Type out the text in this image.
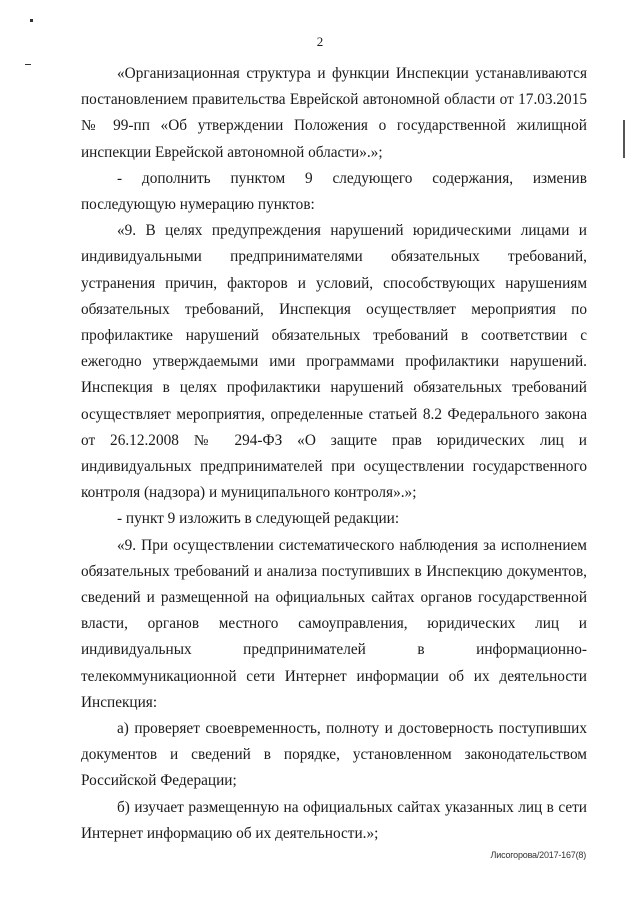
2

«Организационная структура и функции Инспекции устанавливаются постановлением правительства Еврейской автономной области от 17.03.2015 № 99-пп «Об утверждении Положения о государственной жилищной инспекции Еврейской автономной области».»;

- дополнить пунктом 9 следующего содержания, изменив
последующую нумерацию пунктов:

«9. В целях предупреждения нарушений юридическими лицами и индивидуальными предпринимателями обязательных требований, устранения причин, факторов и условий, способствующих нарушениям обязательных требований, Инспекция осуществляет мероприятия по профилактике нарушений обязательных требований в соответствии с ежегодно утверждаемыми ими программами профилактики нарушений. Инспекция в целях профилактики нарушений обязательных требований осуществляет мероприятия, определенные статьей 8.2 Федерального закона от 26.12.2008 № 294-ФЗ «О защите прав юридических лиц и индивидуальных предпринимателей при осуществлении государственного контроля (надзора) и муниципального контроля».»;

- пункт 9 изложить в следующей редакции:

«9. При осуществлении систематического наблюдения за исполнением обязательных требований и анализа поступивших в Инспекцию документов, сведений и размещенной на официальных сайтах органов государственной власти, органов местного самоуправления, юридических лиц и индивидуальных предпринимателей в информационно-телекоммуникационной сети Интернет информации об их деятельности Инспекция:

а) проверяет своевременность, полноту и достоверность поступивших документов и сведений в порядке, установленном законодательством Российской Федерации;

б) изучает размещенную на официальных сайтах указанных лиц в сети Интернет информацию об их деятельности.»;

Лисогорова/2017-167(8)
